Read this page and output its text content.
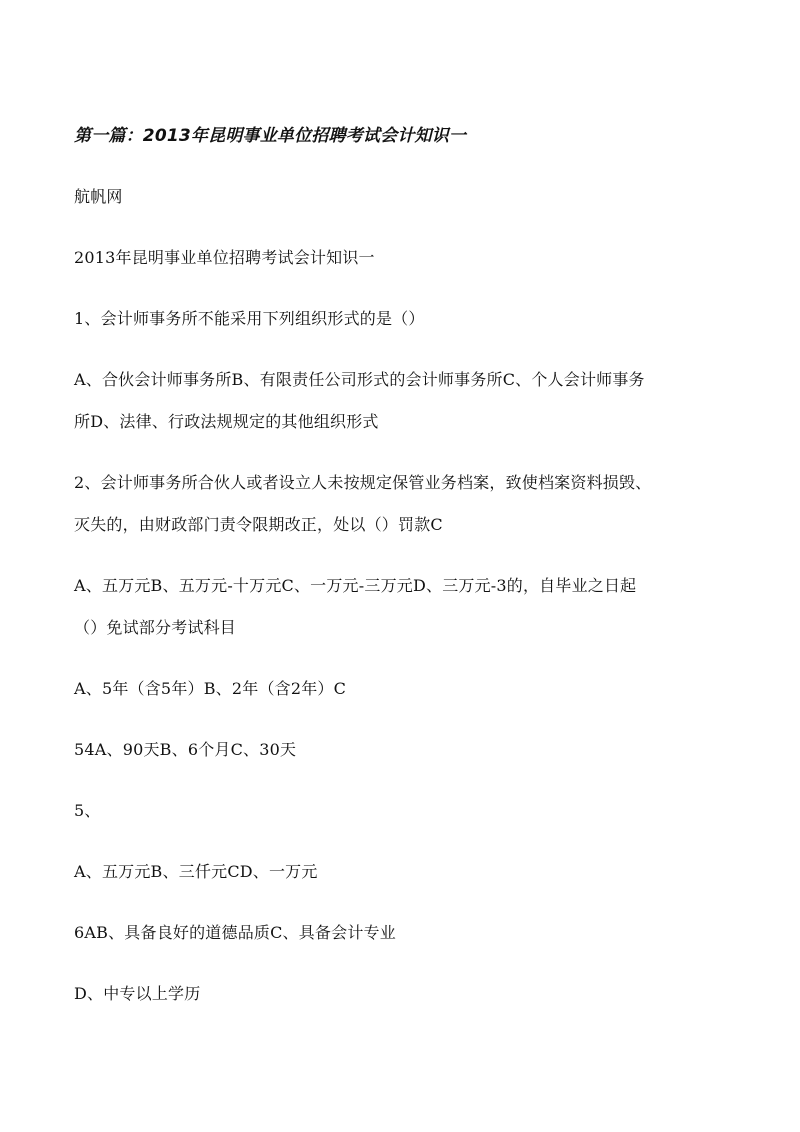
第一篇：2013年昆明事业单位招聘考试会计知识一
航帆网
2013年昆明事业单位招聘考试会计知识一
1、会计师事务所不能采用下列组织形式的是（）
A、合伙会计师事务所B、有限责任公司形式的会计师事务所C、个人会计师事务
所D、法律、行政法规规定的其他组织形式
2、会计师事务所合伙人或者设立人未按规定保管业务档案，致使档案资料损毁、
灭失的，由财政部门责令限期改正，处以（）罚款C
A、五万元B、五万元-十万元C、一万元-三万元D、三万元-3的，自毕业之日起
（）免试部分考试科目
A、5年（含5年）B、2年（含2年）C
54A、90天B、6个月C、30天
5、
A、五万元B、三仟元CD、一万元
6AB、具备良好的道德品质C、具备会计专业
D、中专以上学历
